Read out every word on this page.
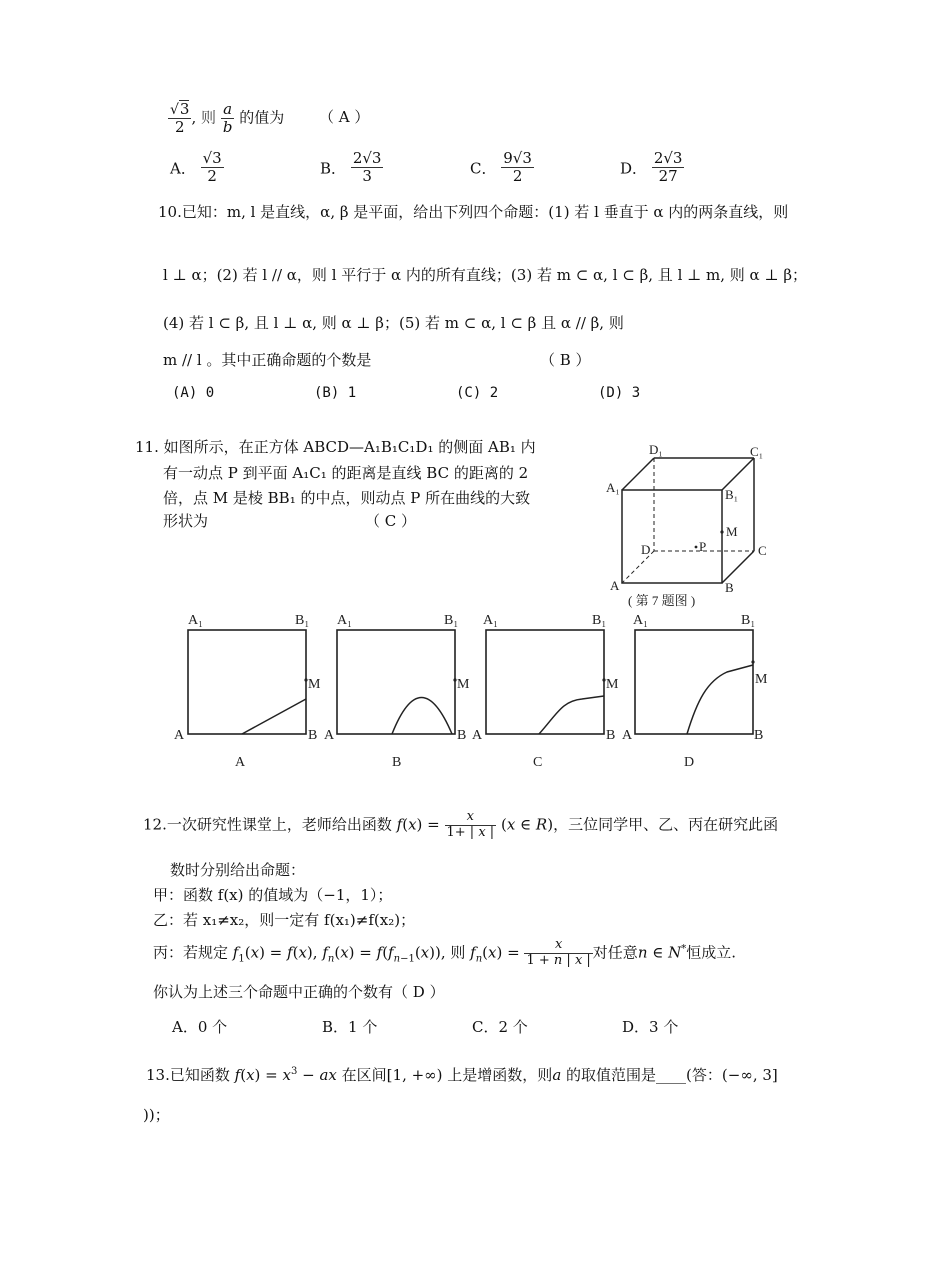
$\frac{√3}{2}$ , 则 $\frac{a}{b}$ 的值为 （ A ）
A． $\frac{√3}{2}$	B． $\frac{2√3}{3}$	C． $\frac{9√3}{2}$	D． $\frac{2√3}{27}$
10.已知：m, l 是直线，α, β 是平面，给出下列四个命题：(1) 若 l 垂直于 α 内的两条直线，则
l ⊥ α；(2) 若 l // α，则 l 平行于 α 内的所有直线；(3) 若 m ⊂ α, l ⊂ β, 且 l ⊥ m, 则 α ⊥ β；
(4) 若 l ⊂ β, 且 l ⊥ α, 则 α ⊥ β；(5) 若 m ⊂ α, l ⊂ β 且 α // β, 则
m // l 。其中正确命题的个数是	（ B ）
(A) 0	(B) 1	(C) 2	(D) 3
11. 如图所示，在正方体 ABCD—A₁B₁C₁D₁ 的侧面 AB₁ 内
有一动点 P 到平面 A₁C₁ 的距离是直线 BC 的距离的 2
倍，点 M 是棱 BB₁ 的中点，则动点 P 所在曲线的大致
形状为	（ C ）
D₁	C₁
A₁	B₁
M
D	P	C
A	B
( 第 7 题图 )
A₁	B₁
A	B
M
A₁	B₁
A	B
M
A₁	B₁
A	B
M
A₁	B₁
A	B
M
A	B	C	D
12.一次研究性课堂上，老师给出函数 $f(x) = \frac{x}{1+ | x |} (x$ ∈ R)，三位同学甲、乙、丙在研究此函
数时分别给出命题：
甲：函数 f(x) 的值域为（−1，1）；
乙：若 x₁≠x₂，则一定有 f(x₁)≠f(x₂)；
丙：若规定 $f_1(x) = f(x)$, $f_n(x) = f(f_{n-1}(x))$, 则 $f_n(x) = \frac{x}{1 + n | x |}$ 对任意n ∈ N*恒成立.
你认为上述三个命题中正确的个数有（ D ）
A．0 个	B．1 个	C．2 个	D．3 个
13.已知函数 $f(x) = x^3$ − ax 在区间[1, +∞) 上是增函数，则a 的取值范围是____(答：(−∞, 3]
))；
